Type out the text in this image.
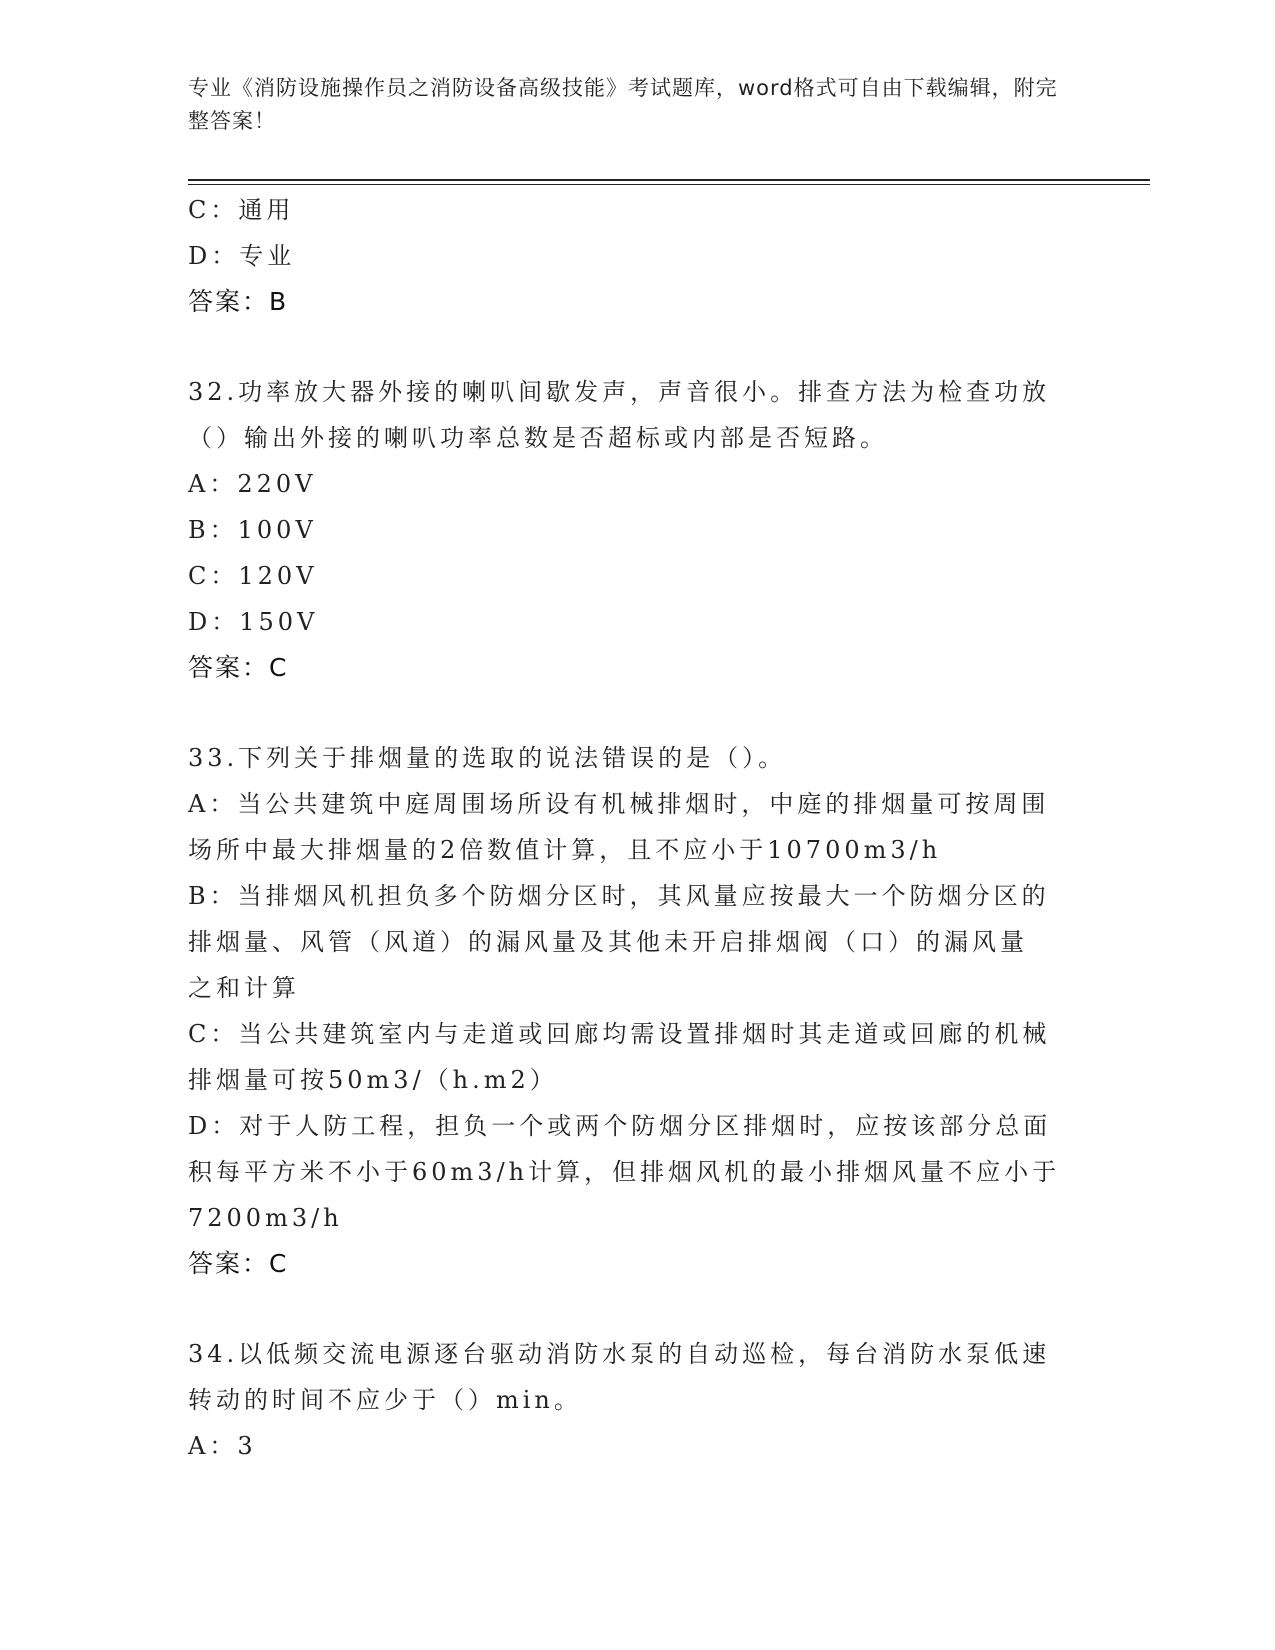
专业《消防设施操作员之消防设备高级技能》考试题库，word格式可自由下载编辑，附完整答案！
C：通用
D：专业
答案：B
32.功率放大器外接的喇叭间歇发声，声音很小。排查方法为检查功放
（）输出外接的喇叭功率总数是否超标或内部是否短路。
A：220V
B：100V
C：120V
D：150V
答案：C
33.下列关于排烟量的选取的说法错误的是（）。
A：当公共建筑中庭周围场所设有机械排烟时，中庭的排烟量可按周围
场所中最大排烟量的2倍数值计算，且不应小于10700m3/h
B：当排烟风机担负多个防烟分区时，其风量应按最大一个防烟分区的
排烟量、风管（风道）的漏风量及其他未开启排烟阀（口）的漏风量
之和计算
C：当公共建筑室内与走道或回廊均需设置排烟时其走道或回廊的机械
排烟量可按50m3/（h.m2）
D：对于人防工程，担负一个或两个防烟分区排烟时，应按该部分总面
积每平方米不小于60m3/h计算，但排烟风机的最小排烟风量不应小于
7200m3/h
答案：C
34.以低频交流电源逐台驱动消防水泵的自动巡检，每台消防水泵低速
转动的时间不应少于（）min。
A：3
